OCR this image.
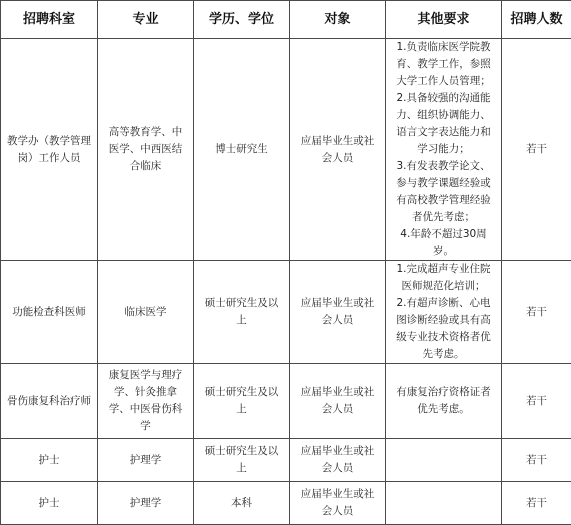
招聘科室	专业	学历、学位	对象	其他要求	招聘人数
教学办（教学管理岗）工作人员	高等教育学、中医学、中西医结合临床	博士研究生	应届毕业生或社会人员	1.负责临床医学院教育、教学工作，参照大学工作人员管理；
2.具备较强的沟通能力、组织协调能力、语言文字表达能力和学习能力；
3.有发表教学论文、参与教学课题经验或有高校教学管理经验者优先考虑；
4.年龄不超过30周岁。	若干
功能检查科医师	临床医学	硕士研究生及以上	应届毕业生或社会人员	1.完成超声专业住院医师规范化培训；
2.有超声诊断、心电图诊断经验或具有高级专业技术资格者优先考虑。	若干
骨伤康复科治疗师	康复医学与理疗学、针灸推拿学、中医骨伤科学	硕士研究生及以上	应届毕业生或社会人员	有康复治疗资格证者优先考虑。	若干
护士	护理学	硕士研究生及以上	应届毕业生或社会人员		若干
护士	护理学	本科	应届毕业生或社会人员		若干
